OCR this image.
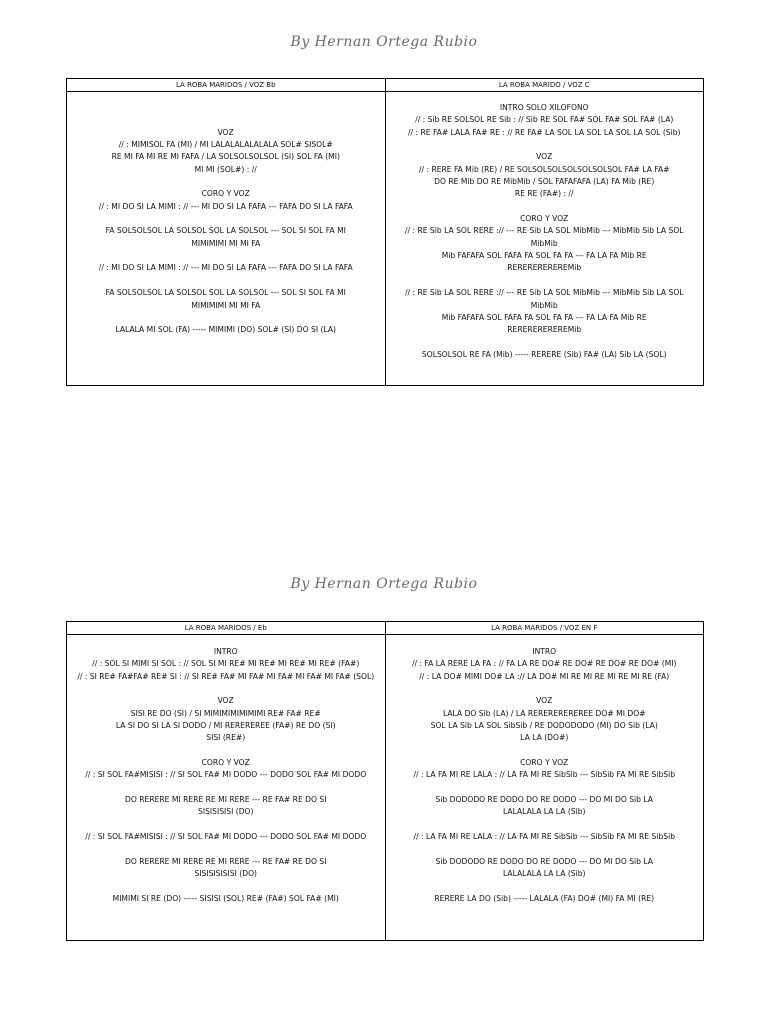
By Hernan Ortega Rubio
LA ROBA MARIDOS / VOZ Bb	LA ROBA MARIDO / VOZ C
VOZ
// : MIMISOL FA (MI) / MI LALALALALALALA SOL# SISOL#
RE MI FA MI RE MI FAFA / LA SOLSOLSOLSOL (SI) SOL FA (MI)
MI MI (SOL#) : //
CORO Y VOZ
// : MI DO SI LA MIMI : // --- MI DO SI LA FAFA --- FAFA DO SI LA FAFA
FA SOLSOLSOL LA SOLSOL SOL LA SOLSOL --- SOL SI SOL FA MI
MIMIMIMI MI MI FA
// : MI DO SI LA MIMI : // --- MI DO SI LA FAFA --- FAFA DO SI LA FAFA
FA SOLSOLSOL LA SOLSOL SOL LA SOLSOL --- SOL SI SOL FA MI
MIMIMIMI MI MI FA
LALALA MI SOL (FA) ----- MIMIMI (DO) SOL# (SI) DO SI (LA)
INTRO SOLO XILOFONO
// : Sib RE SOLSOL RE Sib : // Sib RE SOL FA# SOL FA# SOL FA# (LA)
// : RE FA# LALA FA# RE : // RE FA# LA SOL LA SOL LA SOL LA SOL (Sib)
VOZ
// : RERE FA Mib (RE) / RE SOLSOLSOLSOLSOLSOLSOL FA# LA FA#
DO RE Mib DO RE MibMib / SOL FAFAFAFA (LA) FA Mib (RE)
RE RE (FA#) : //
CORO Y VOZ
// : RE Sib LA SOL RERE :// --- RE Sib LA SOL MibMib --- MibMib Sib LA SOL
MibMib
Mib FAFAFA SOL FAFA FA SOL FA FA --- FA LA FA Mib RE
REREREREREREMib
// : RE Sib LA SOL RERE :// --- RE Sib LA SOL MibMib --- MibMib Sib LA SOL
MibMib
Mib FAFAFA SOL FAFA FA SOL FA FA --- FA LA FA Mib RE
REREREREREREMib
SOLSOLSOL RE FA (Mib) ----- RERERE (Sib) FA# (LA) Sib LA (SOL)
By Hernan Ortega Rubio
LA ROBA MARIDOS / Eb	LA ROBA MARIDOS / VOZ EN F
INTRO
// : SOL SI MIMI SI SOL : // SOL SI MI RE# MI RE# MI RE# MI RE# (FA#)
// : SI RE# FA#FA# RE# SI : // SI RE# FA# MI FA# MI FA# MI FA# MI FA# (SOL)
VOZ
SISI RE DO (SI) / SI MIMIMIMIMIMIMI RE# FA# RE#
LA SI DO SI LA SI DODO / MI REREREREE (FA#) RE DO (SI)
SISI (RE#)
CORO Y VOZ
// : SI SOL FA#MISISI : // SI SOL FA# MI DODO --- DODO SOL FA# MI DODO
DO RERERE MI RERE RE MI RERE --- RE FA# RE DO SI
SISISISISI (DO)
// : SI SOL FA#MISISI : // SI SOL FA# MI DODO --- DODO SOL FA# MI DODO
DO RERERE MI RERE RE MI RERE --- RE FA# RE DO SI
SISISISISISI (DO)
MIMIMI SI RE (DO) ----- SISISI (SOL) RE# (FA#) SOL FA# (MI)
INTRO
// : FA LA RERE LA FA : // FA LA RE DO# RE DO# RE DO# RE DO# (MI)
// : LA DO# MIMI DO# LA :// LA DO# MI RE MI RE MI RE MI RE (FA)
VOZ
LALA DO Sib (LA) / LA REREREREREREE DO# MI DO#
SOL LA Sib LA SOL SibSib / RE DODODODO (MI) DO Sib (LA)
LA LA (DO#)
CORO Y VOZ
// : LA FA MI RE LALA : // LA FA MI RE SibSib --- SibSib FA MI RE SibSib
Sib DODODO RE DODO DO RE DODO --- DO MI DO Sib LA
LALALALA LA LA (Sib)
// : LA FA MI RE LALA : // LA FA MI RE SibSib --- SibSib FA MI RE SibSib
Sib DODODO RE DODO DO RE DODO --- DO MI DO Sib LA
LALALALA LA LA (Sib)
RERERE LA DO (Sib) ----- LALALA (FA) DO# (MI) FA MI (RE)
